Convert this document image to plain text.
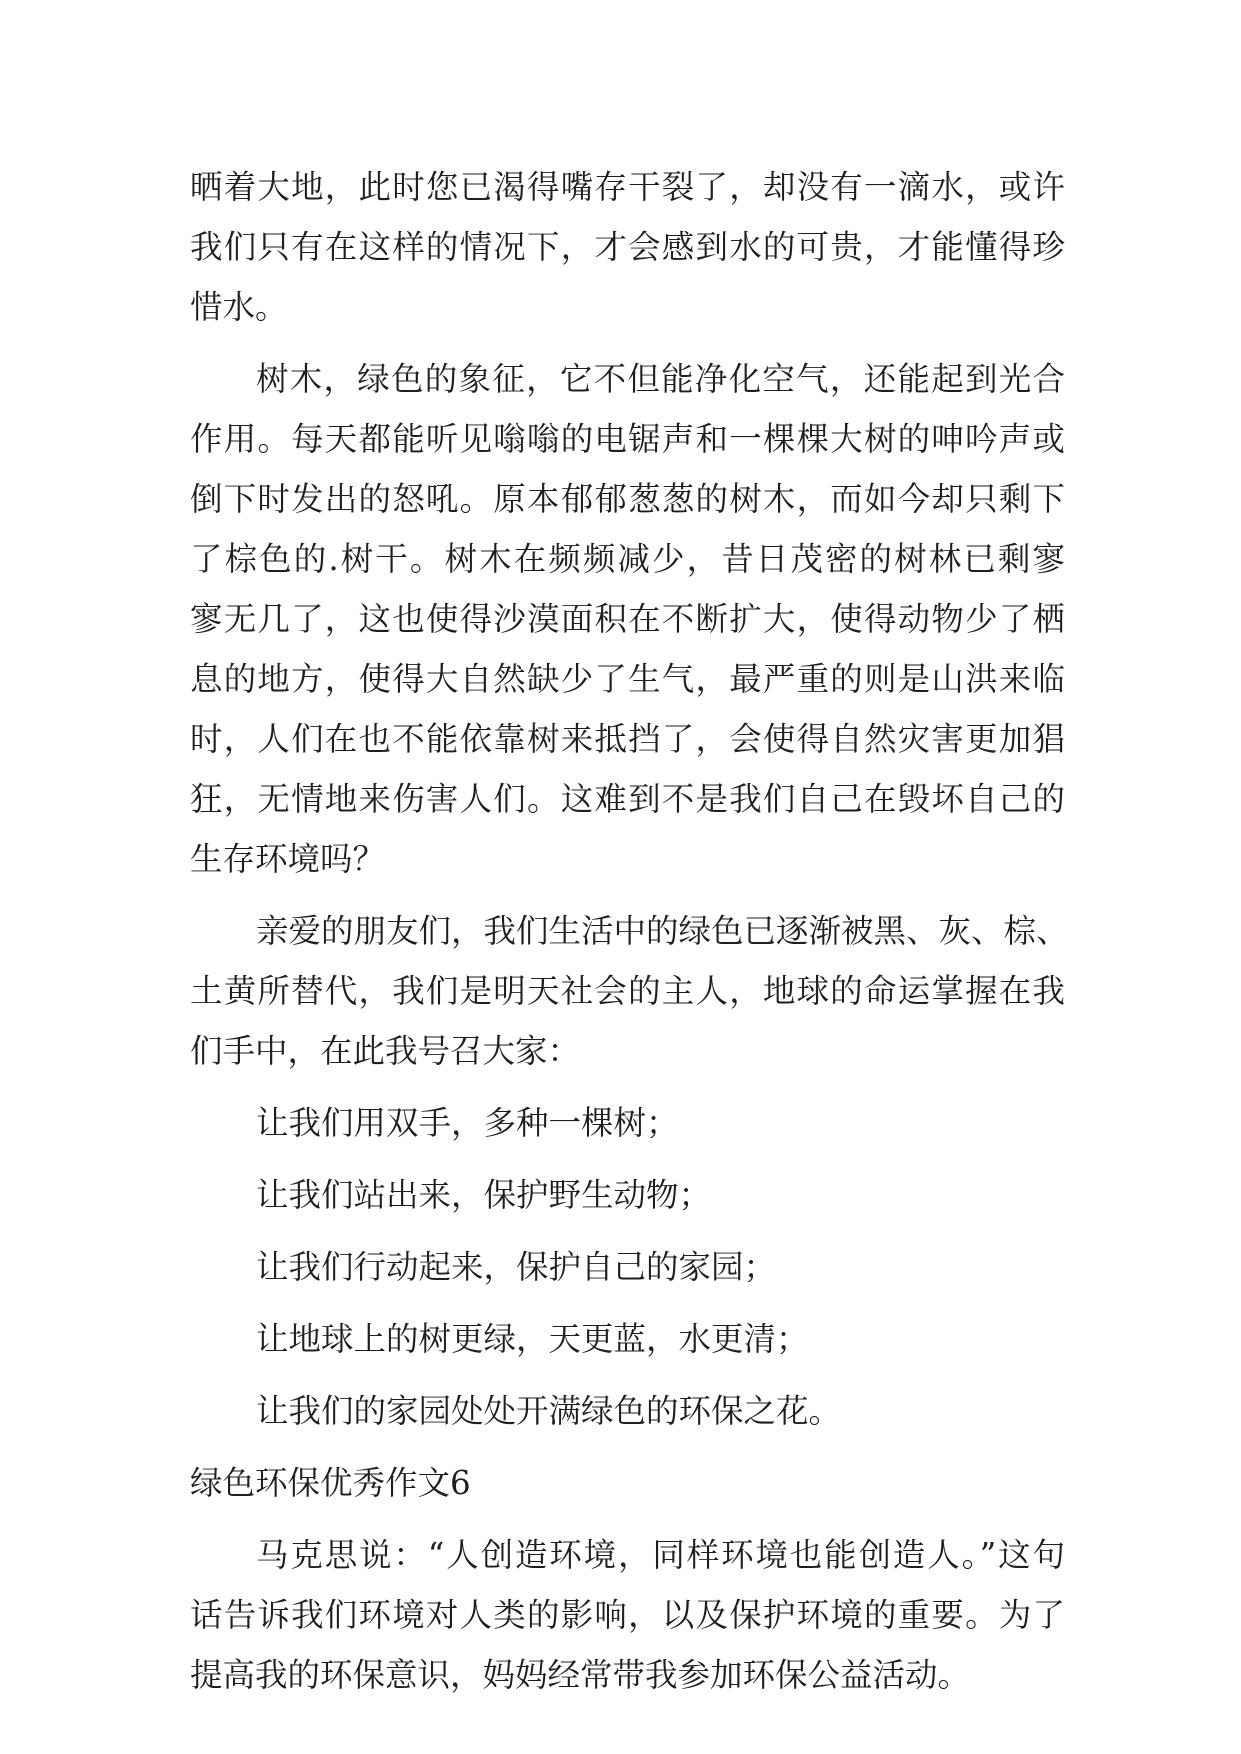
晒着大地，此时您已渴得嘴存干裂了，却没有一滴水，或许
我们只有在这样的情况下，才会感到水的可贵，才能懂得珍
惜水。
树木，绿色的象征，它不但能净化空气，还能起到光合
作用。每天都能听见嗡嗡的电锯声和一棵棵大树的呻吟声或
倒下时发出的怒吼。原本郁郁葱葱的树木，而如今却只剩下
了棕色的.树干。树木在频频减少，昔日茂密的树林已剩寥
寥无几了，这也使得沙漠面积在不断扩大，使得动物少了栖
息的地方，使得大自然缺少了生气，最严重的则是山洪来临
时，人们在也不能依靠树来抵挡了，会使得自然灾害更加猖
狂，无情地来伤害人们。这难到不是我们自己在毁坏自己的
生存环境吗？
亲爱的朋友们，我们生活中的绿色已逐渐被黑、灰、棕、
土黄所替代，我们是明天社会的主人，地球的命运掌握在我
们手中，在此我号召大家：
让我们用双手，多种一棵树；
让我们站出来，保护野生动物；
让我们行动起来，保护自己的家园；
让地球上的树更绿，天更蓝，水更清；
让我们的家园处处开满绿色的环保之花。
绿色环保优秀作文6
马克思说：“人创造环境，同样环境也能创造人。”这句
话告诉我们环境对人类的影响，以及保护环境的重要。为了
提高我的环保意识，妈妈经常带我参加环保公益活动。
